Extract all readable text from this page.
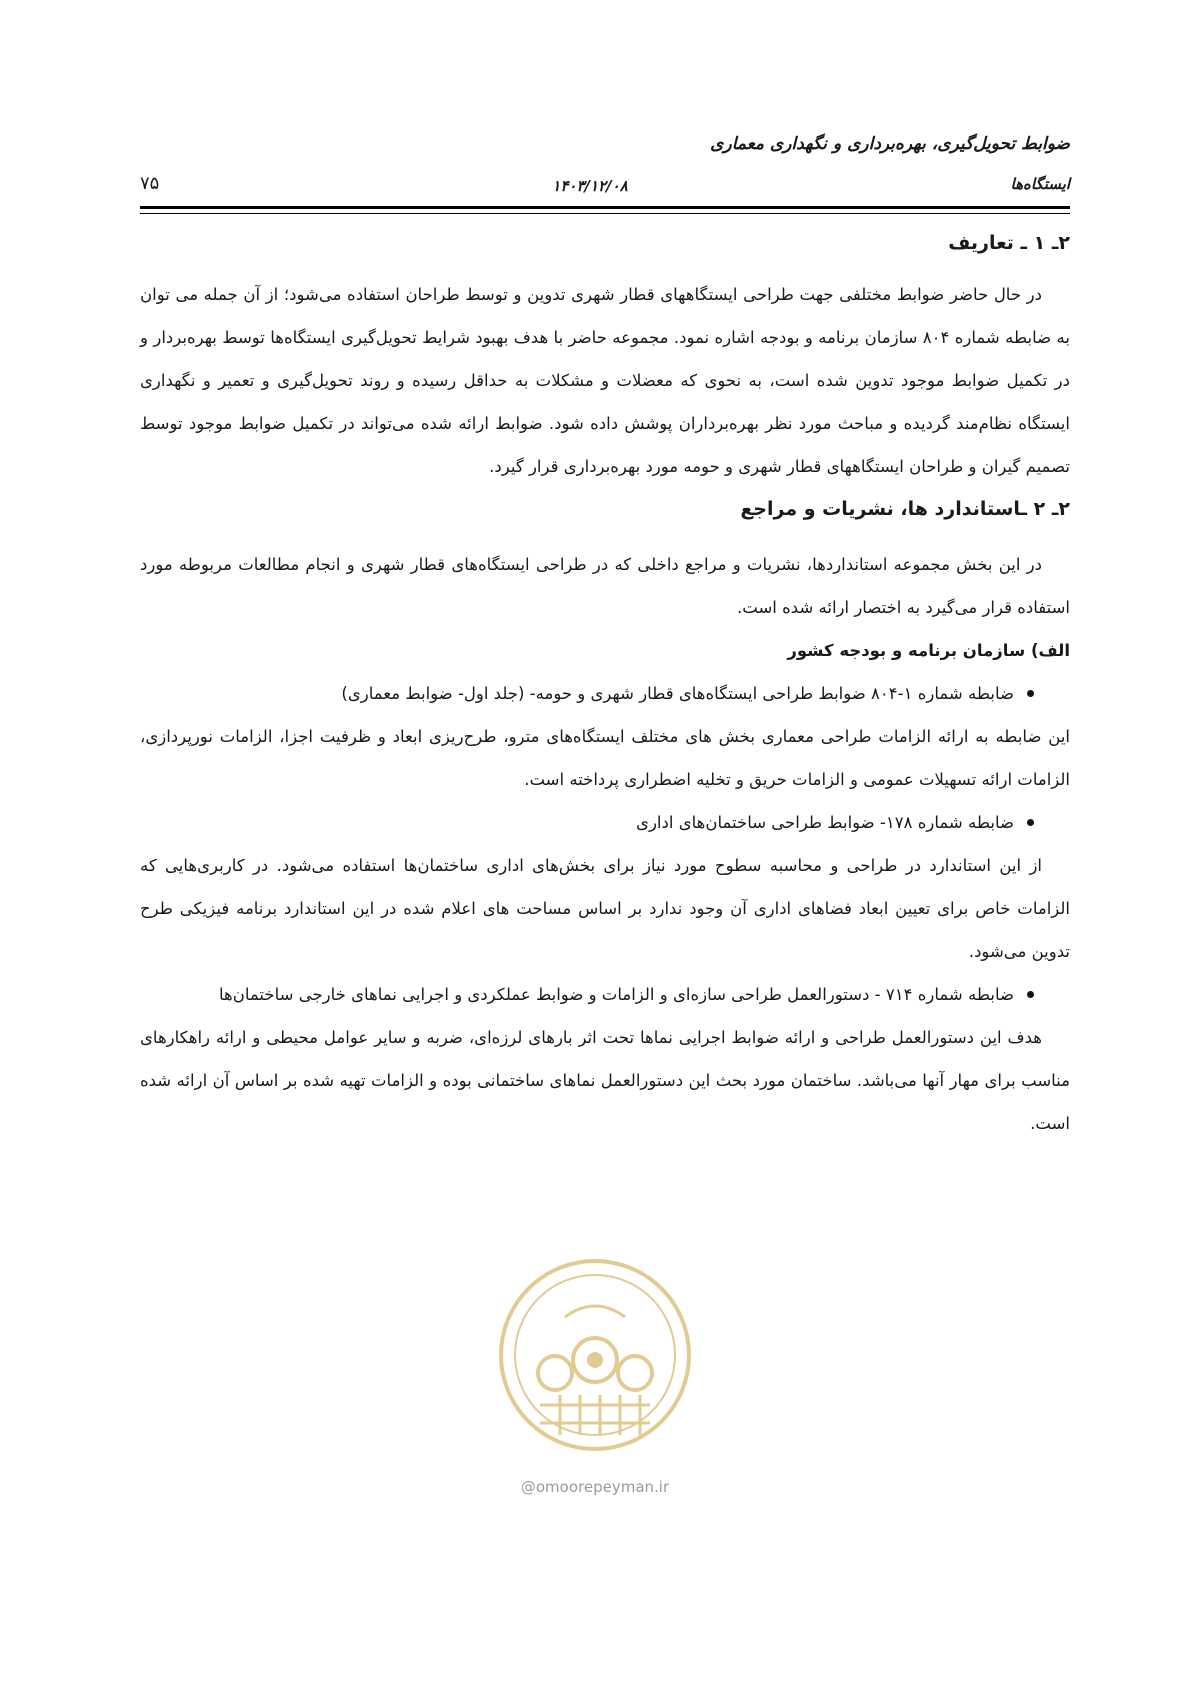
ضوابط تحویل‌گیری، بهره‌برداری و نگهداری معماری
ایستگاه‌ها
۱۴۰۳/۱۲/۰۸
۷۵

۲ـ ۱ ـ تعاریف

در حال حاضر ضوابط مختلفی جهت طراحی ایستگاههای قطار شهری تدوین و توسط طراحان استفاده می‌شود؛ از آن جمله می توان به ضابطه شماره ۸۰۴ سازمان برنامه و بودجه اشاره نمود. مجموعه حاضر با هدف بهبود شرایط تحویل‌گیری ایستگاه‌ها توسط بهره‌بردار و در تکمیل ضوابط موجود تدوین شده است، به نحوی که معضلات و مشکلات به حداقل رسیده و روند تحویل‌گیری و تعمیر و نگهداری ایستگاه نظام‌مند گردیده و مباحث مورد نظر بهره‌برداران پوشش داده شود. ضوابط ارائه شده می‌تواند در تکمیل ضوابط موجود توسط تصمیم گیران و طراحان ایستگاههای قطار شهری و حومه مورد بهره‌برداری قرار گیرد.

۲ـ ۲ ـاستاندارد ها، نشریات و مراجع

در این بخش مجموعه استانداردها، نشریات و مراجع داخلی که در طراحی ایستگاه‌های قطار شهری و انجام مطالعات مربوطه مورد استفاده قرار می‌گیرد به اختصار ارائه شده است.

الف) سازمان برنامه و بودجه کشور

ضابطه شماره ۱-۸۰۴ ضوابط طراحی ایستگاه‌های قطار شهری و حومه- (جلد اول- ضوابط معماری)

این ضابطه به ارائه الزامات طراحی معماری بخش های مختلف ایستگاه‌های مترو، طرح‌ریزی ابعاد و ظرفیت اجزا، الزامات نورپردازی، الزامات ارائه تسهیلات عمومی و الزامات حریق و تخلیه اضطراری پرداخته است.

ضابطه شماره ۱۷۸- ضوابط طراحی ساختمان‌های اداری

از این استاندارد در طراحی و محاسبه سطوح مورد نیاز برای بخش‌های اداری ساختمان‌ها استفاده می‌شود. در کاربری‌هایی که الزامات خاص برای تعیین ابعاد فضاهای اداری آن وجود ندارد بر اساس مساحت های اعلام شده در این استاندارد برنامه فیزیکی طرح تدوین می‌شود.

ضابطه شماره ۷۱۴ - دستورالعمل طراحی سازه‌ای و الزامات و ضوابط عملکردی و اجرایی نماهای خارجی ساختمان‌ها

هدف این دستورالعمل طراحی و ارائه ضوابط اجرایی نماها تحت اثر بارهای لرزه‌ای، ضربه و سایر عوامل محیطی و ارائه راهکارهای مناسب برای مهار آنها می‌باشد. ساختمان مورد بحث این دستورالعمل نماهای ساختمانی بوده و الزامات تهیه شده بر اساس آن ارائه شده است.

@omoorepeyman.ir
